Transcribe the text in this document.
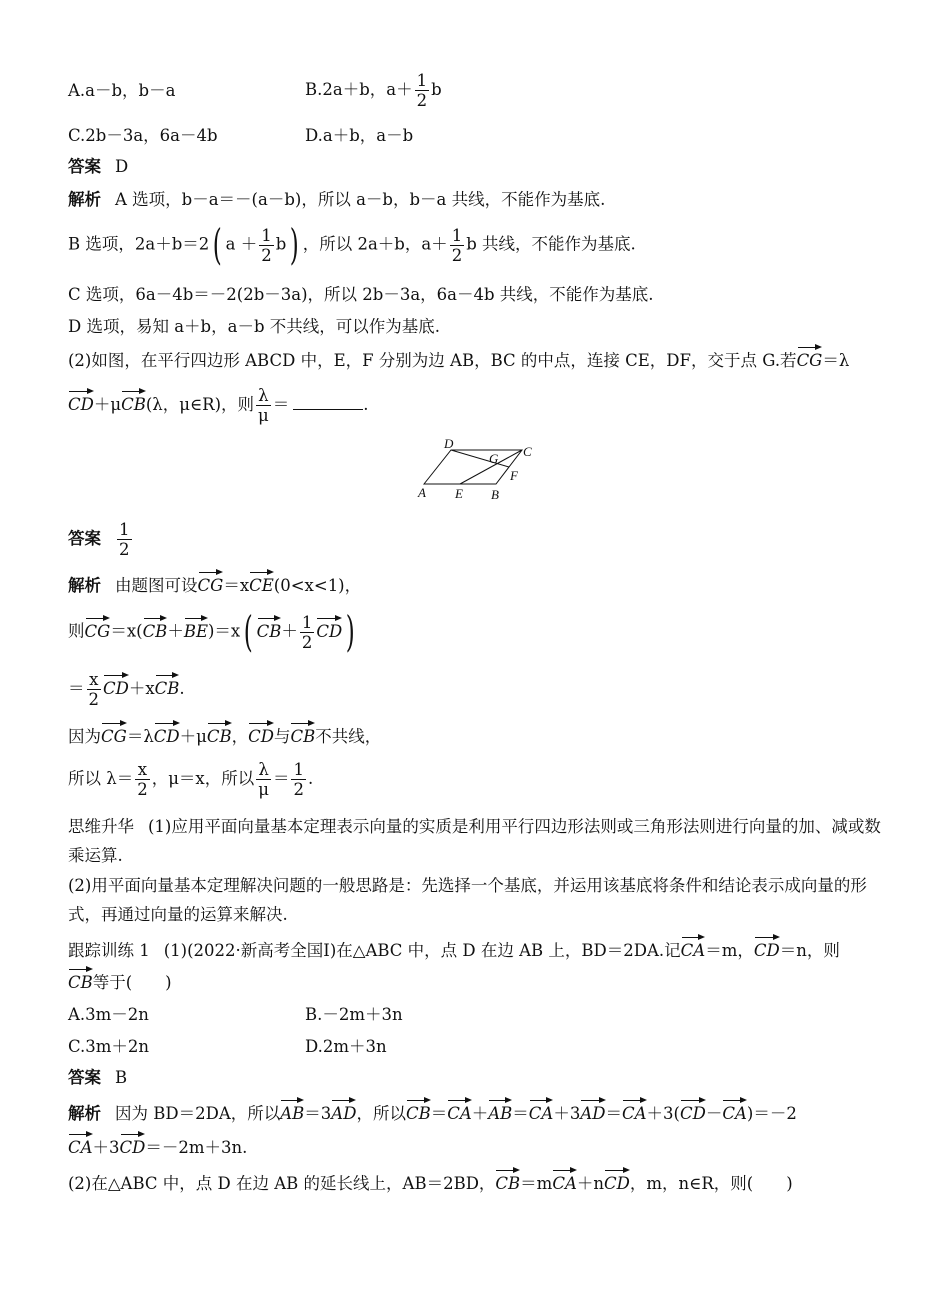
A.a－b，b－a	B.2a＋b，$a+ \frac{1}{2}$ b
C.2b－3a，6a－4b	D.a＋b，a－b
答案 D
解析 A 选项，b－a＝－(a－b)，所以 a－b，b－a 共线，不能作为基底.
B 选项，2a＋b＝2( $a + \frac{1}{2} b$) ，所以 2a＋b，$a+ \frac{1}{2}$ b 共线，不能作为基底.
C 选项，6a－4b＝－2(2b－3a)，所以 2b－3a，6a－4b 共线，不能作为基底.
D 选项，易知 a＋b，a－b 不共线，可以作为基底.
(2)如图，在平行四边形 ABCD 中，E，F 分别为边 AB，BC 的中点，连接 CE，DF，交于点 G.若CG＝λ
CD＋μCB(λ，μ∈R)，则 $\frac{\lambda}{\mu}$ ＝	.
A	B
C
D
E
F
G
答案 $\frac{1}{2}$
解析 由题图可设CG＝xCE(0<x<1)，
则CG＝x(CB＋BE)＝x( $CB+ \frac{1}{2} CD$)
＝ $\frac{x}{2} CD+xCB$.
因为CG＝λCD＋μCB，CD与CB不共线，
所以 $\lambda= \frac{x}{2}$ ，μ＝x，所以 $\frac{\lambda}{\mu} = \frac{1}{2}$ .
思维升华 (1)应用平面向量基本定理表示向量的实质是利用平行四边形法则或三角形法则进行向量的加、减或数乘运算.
(2)用平面向量基本定理解决问题的一般思路是：先选择一个基底，并运用该基底将条件和结论表示成向量的形式，再通过向量的运算来解决.
跟踪训练 1 (1)(2022·新高考全国Ⅰ)在△ABC 中，点 D 在边 AB 上，BD＝2DA.记CA＝m，CD＝n，则
CB等于(　　)
A.3m－2n	B.－2m＋3n
C.3m＋2n	D.2m＋3n
答案 B
解析 因为 BD＝2DA，所以AB＝3AD，所以CB＝CA＋AB＝CA＋3AD＝CA＋3(CD－CA)＝－2
CA＋3CD＝－2m＋3n.
(2)在△ABC 中，点 D 在边 AB 的延长线上，AB＝2BD，CB＝mCA＋nCD，m，n∈R，则(　　)
